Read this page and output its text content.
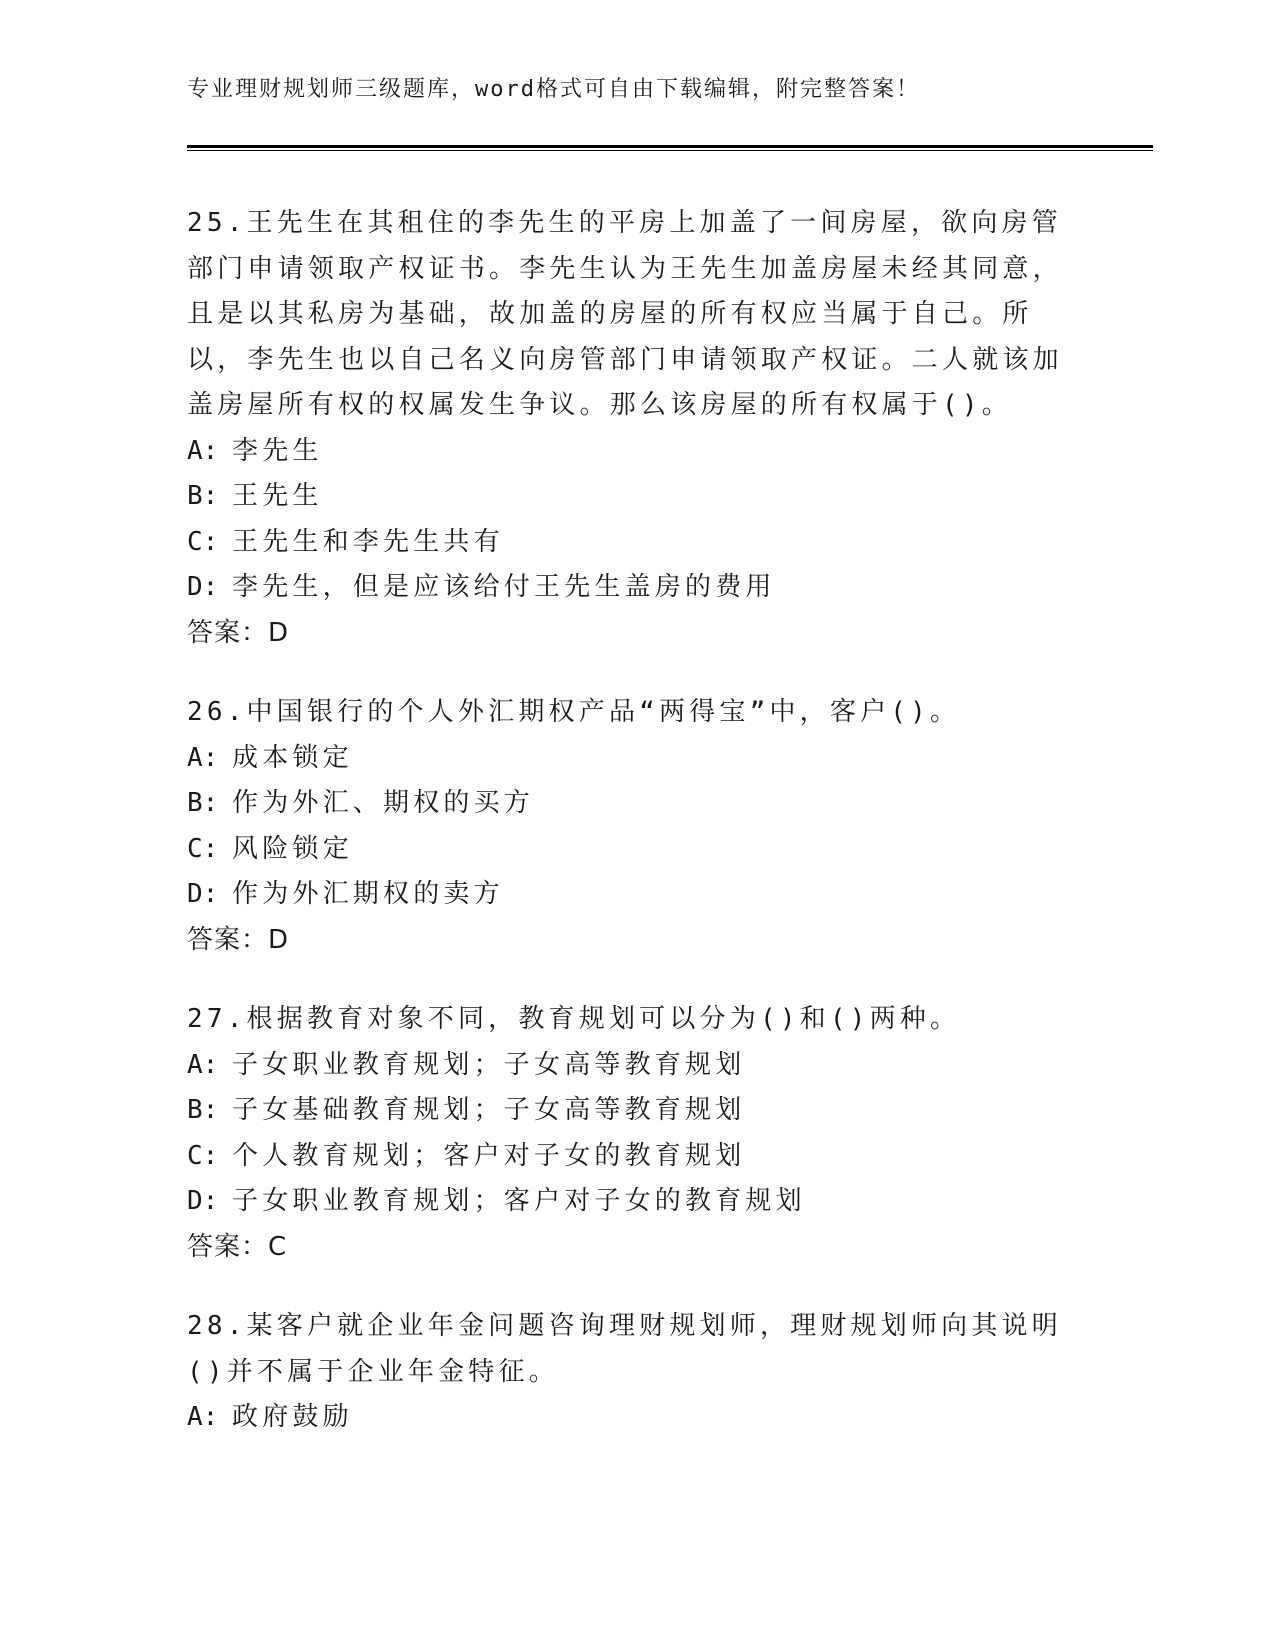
专业理财规划师三级题库，word格式可自由下载编辑，附完整答案！

25.王先生在其租住的李先生的平房上加盖了一间房屋，欲向房管部门申请领取产权证书。李先生认为王先生加盖房屋未经其同意，且是以其私房为基础，故加盖的房屋的所有权应当属于自己。所以，李先生也以自己名义向房管部门申请领取产权证。二人就该加盖房屋所有权的权属发生争议。那么该房屋的所有权属于()。

A: 李先生

B: 王先生

C: 王先生和李先生共有

D: 李先生，但是应该给付王先生盖房的费用

答案：D

26.中国银行的个人外汇期权产品“两得宝”中，客户()。

A: 成本锁定

B: 作为外汇、期权的买方

C: 风险锁定

D: 作为外汇期权的卖方

答案：D

27.根据教育对象不同，教育规划可以分为()和()两种。

A: 子女职业教育规划；子女高等教育规划

B: 子女基础教育规划；子女高等教育规划

C: 个人教育规划；客户对子女的教育规划

D: 子女职业教育规划；客户对子女的教育规划

答案：C

28.某客户就企业年金问题咨询理财规划师，理财规划师向其说明()并不属于企业年金特征。

A: 政府鼓励
